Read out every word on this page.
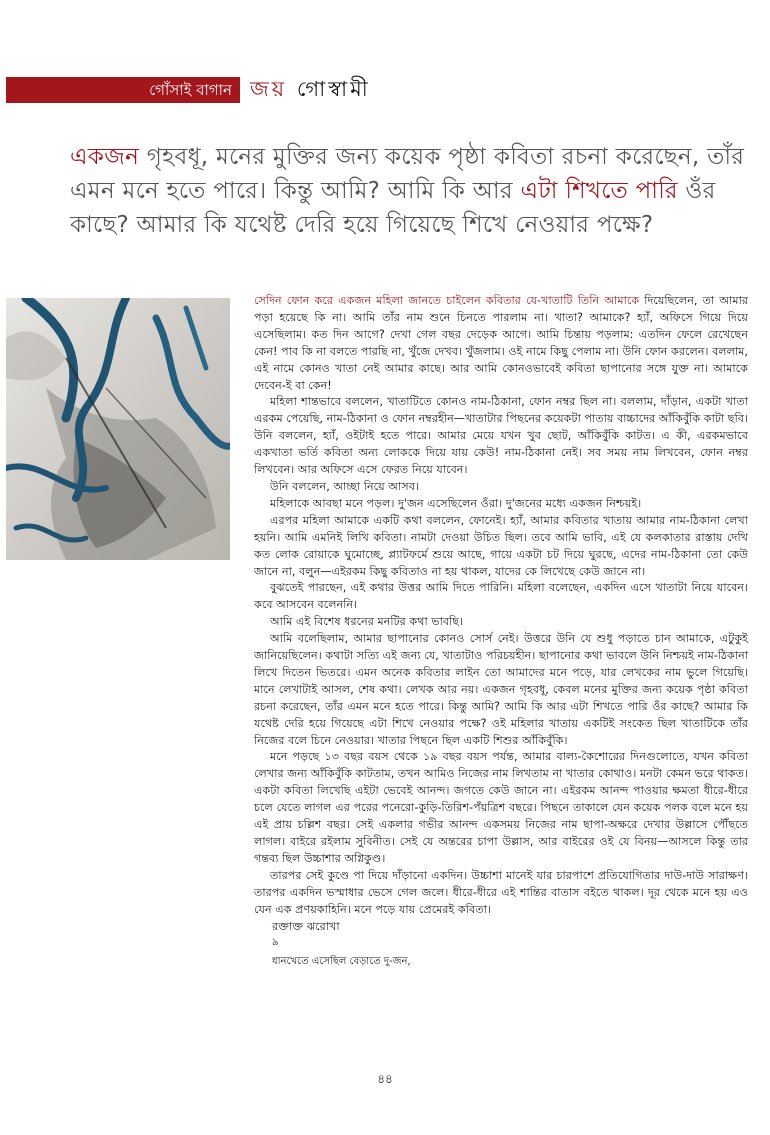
গোঁসাই বাগান জয় গোস্বামী
একজন গৃহবধূ, মনের মুক্তির জন্য কয়েক পৃষ্ঠা কবিতা রচনা করেছেন, তাঁর এমন মনে হতে পারে। কিন্তু আমি? আমি কি আর এটা শিখতে পারি ওঁর কাছে? আমার কি যথেষ্ট দেরি হয়ে গিয়েছে শিখে নেওয়ার পক্ষে?

সেদিন ফোন করে একজন মহিলা জানতে চাইলেন কবিতার যে-খাতাটি তিনি আমাকে দিয়েছিলেন, তা আমার পড়া হয়েছে কি না। আমি তাঁর নাম শুনে চিনতে পারলাম না। খাতা? আমাকে? হ্যাঁ, অফিসে গিয়ে দিয়ে এসেছিলাম। কত দিন আগে? দেখা গেল বছর দেড়েক আগে। আমি চিন্তায় পড়লাম: এতদিন ফেলে রেখেছেন কেন! পাব কি না বলতে পারছি না, খুঁজে দেখব। খুঁজলাম। ওই নামে কিছু পেলাম না। উনি ফোন করলেন। বললাম, এই নামে কোনও খাতা নেই আমার কাছে। আর আমি কোনওভাবেই কবিতা ছাপানোর সঙ্গে যুক্ত না। আমাকে দেবেন-ই বা কেন!

মহিলা শান্তভাবে বললেন, খাতাটিতে কোনও নাম-ঠিকানা, ফোন নম্বর ছিল না। বললাম, দাঁড়ান, একটা খাতা এরকম পেয়েছি, নাম-ঠিকানা ও ফোন নম্বরহীন—খাতাটার পিছনের কয়েকটা পাতায় বাচ্চাদের আঁকিবুঁকি কাটা ছবি। উনি বললেন, হ্যাঁ, ওইটাই হতে পারে। আমার মেয়ে যখন খুব ছোট, আঁকিবুঁকি কাটত। এ কী, এরকমভাবে একখাতা ভর্তি কবিতা অন্য লোককে দিয়ে যায় কেউ! নাম-ঠিকানা নেই। সব সময় নাম লিখবেন, ফোন নম্বর লিখবেন। আর অফিসে এসে ফেরত নিয়ে যাবেন।

উনি বললেন, আচ্ছা নিয়ে আসব।

মহিলাকে আবছা মনে পড়ল। দু'জন এসেছিলেন ওঁরা। দু'জনের মধ্যে একজন নিশ্চয়ই।

এরপর মহিলা আমাকে একটি কথা বললেন, ফোনেই। হ্যাঁ, আমার কবিতার খাতায় আমার নাম-ঠিকানা লেখা হয়নি। আমি এমনিই লিখি কবিতা। নামটা দেওয়া উচিত ছিল। তবে আমি ভাবি, এই যে কলকাতার রাস্তায় দেখি কত লোক রোয়াকে ঘুমোচ্ছে, প্ল্যাটফর্মে শুয়ে আছে, গায়ে একটা চট দিয়ে ঘুরছে, এদের নাম-ঠিকানা তো কেউ জানে না, বলুন—এইরকম কিছু কবিতাও না হয় থাকল, যাদের কে লিখেছে কেউ জানে না।

বুঝতেই পারছেন, এই কথার উত্তর আমি দিতে পারিনি। মহিলা বলেছেন, একদিন এসে খাতাটা নিয়ে যাবেন। কবে আসবেন বলেননি।

আমি এই বিশেষ ধরনের মনটির কথা ভাবছি।

আমি বলেছিলাম, আমার ছাপানোর কোনও সোর্স নেই। উত্তরে উনি যে শুধু পড়াতে চান আমাকে, এটুকুই জানিয়েছিলেন। কথাটা সত্যি এই জন্য যে, খাতাটাও পরিচয়হীন। ছাপানোর কথা ভাবলে উনি নিশ্চয়ই নাম-ঠিকানা লিখে দিতেন ভিতরে। এমন অনেক কবিতার লাইন তো আমাদের মনে পড়ে, যার লেখকের নাম ভুলে গিয়েছি। মানে লেখাটাই আসল, শেষ কথা। লেখক আর নয়। একজন গৃহবধূ, কেবল মনের মুক্তির জন্য কয়েক পৃষ্ঠা কবিতা রচনা করেছেন, তাঁর এমন মনে হতে পারে। কিন্তু আমি? আমি কি আর এটা শিখতে পারি ওঁর কাছে? আমার কি যথেষ্ট দেরি হয়ে গিয়েছে এটা শিখে নেওয়ার পক্ষে? ওই মহিলার খাতায় একটিই সংকেত ছিল খাতাটিকে তাঁর নিজের বলে চিনে নেওয়ার। খাতার পিছনে ছিল একটি শিশুর আঁকিবুঁকি।

মনে পড়ছে ১৩ বছর বয়স থেকে ১৯ বছর বয়স পর্যন্ত, আমার বাল্য-কৈশোরের দিনগুলোতে, যখন কবিতা লেখার জন্য আঁকিবুঁকি কাটতাম, তখন আমিও নিজের নাম লিখতাম না খাতার কোথাও। মনটা কেমন ভরে থাকত। একটা কবিতা লিখেছি এইটা ভেবেই আনন্দ। জগতে কেউ জানে না। এইরকম আনন্দ পাওয়ার ক্ষমতা ধীরে-ধীরে চলে যেতে লাগল এর পরের পনেরো-কুড়ি-তিরিশ-পঁয়ত্রিশ বছরে। পিছনে তাকালে যেন কয়েক পলক বলে মনে হয় এই প্রায় চল্লিশ বছর। সেই একলার গভীর আনন্দ একসময় নিজের নাম ছাপা-অক্ষরে দেখার উল্লাসে পৌঁছতে লাগল। বাইরে রইলাম সুবিনীত। সেই যে অন্তরের চাপা উল্লাস, আর বাইরের ওই যে বিনয়—আসলে কিন্তু তার গন্তব্য ছিল উচ্চাশার অগ্নিকুণ্ড।

তারপর সেই কুণ্ডে পা দিয়ে দাঁড়ানো একদিন। উচ্চাশা মানেই যার চারপাশে প্রতিযোগিতার দাউ-দাউ সারাক্ষণ। তারপর একদিন ভস্মাধার ভেসে গেল জলে। ধীরে-ধীরে এই শান্তির বাতাস বইতে থাকল। দূর থেকে মনে হয় এও যেন এক প্রণয়কাহিনি। মনে পড়ে যায় প্রেমেরই কবিতা।

রক্তাক্ত ঝরোখা

৯

ধানখেতে এসেছিল বেড়াতে দু-জন,

৪৪
